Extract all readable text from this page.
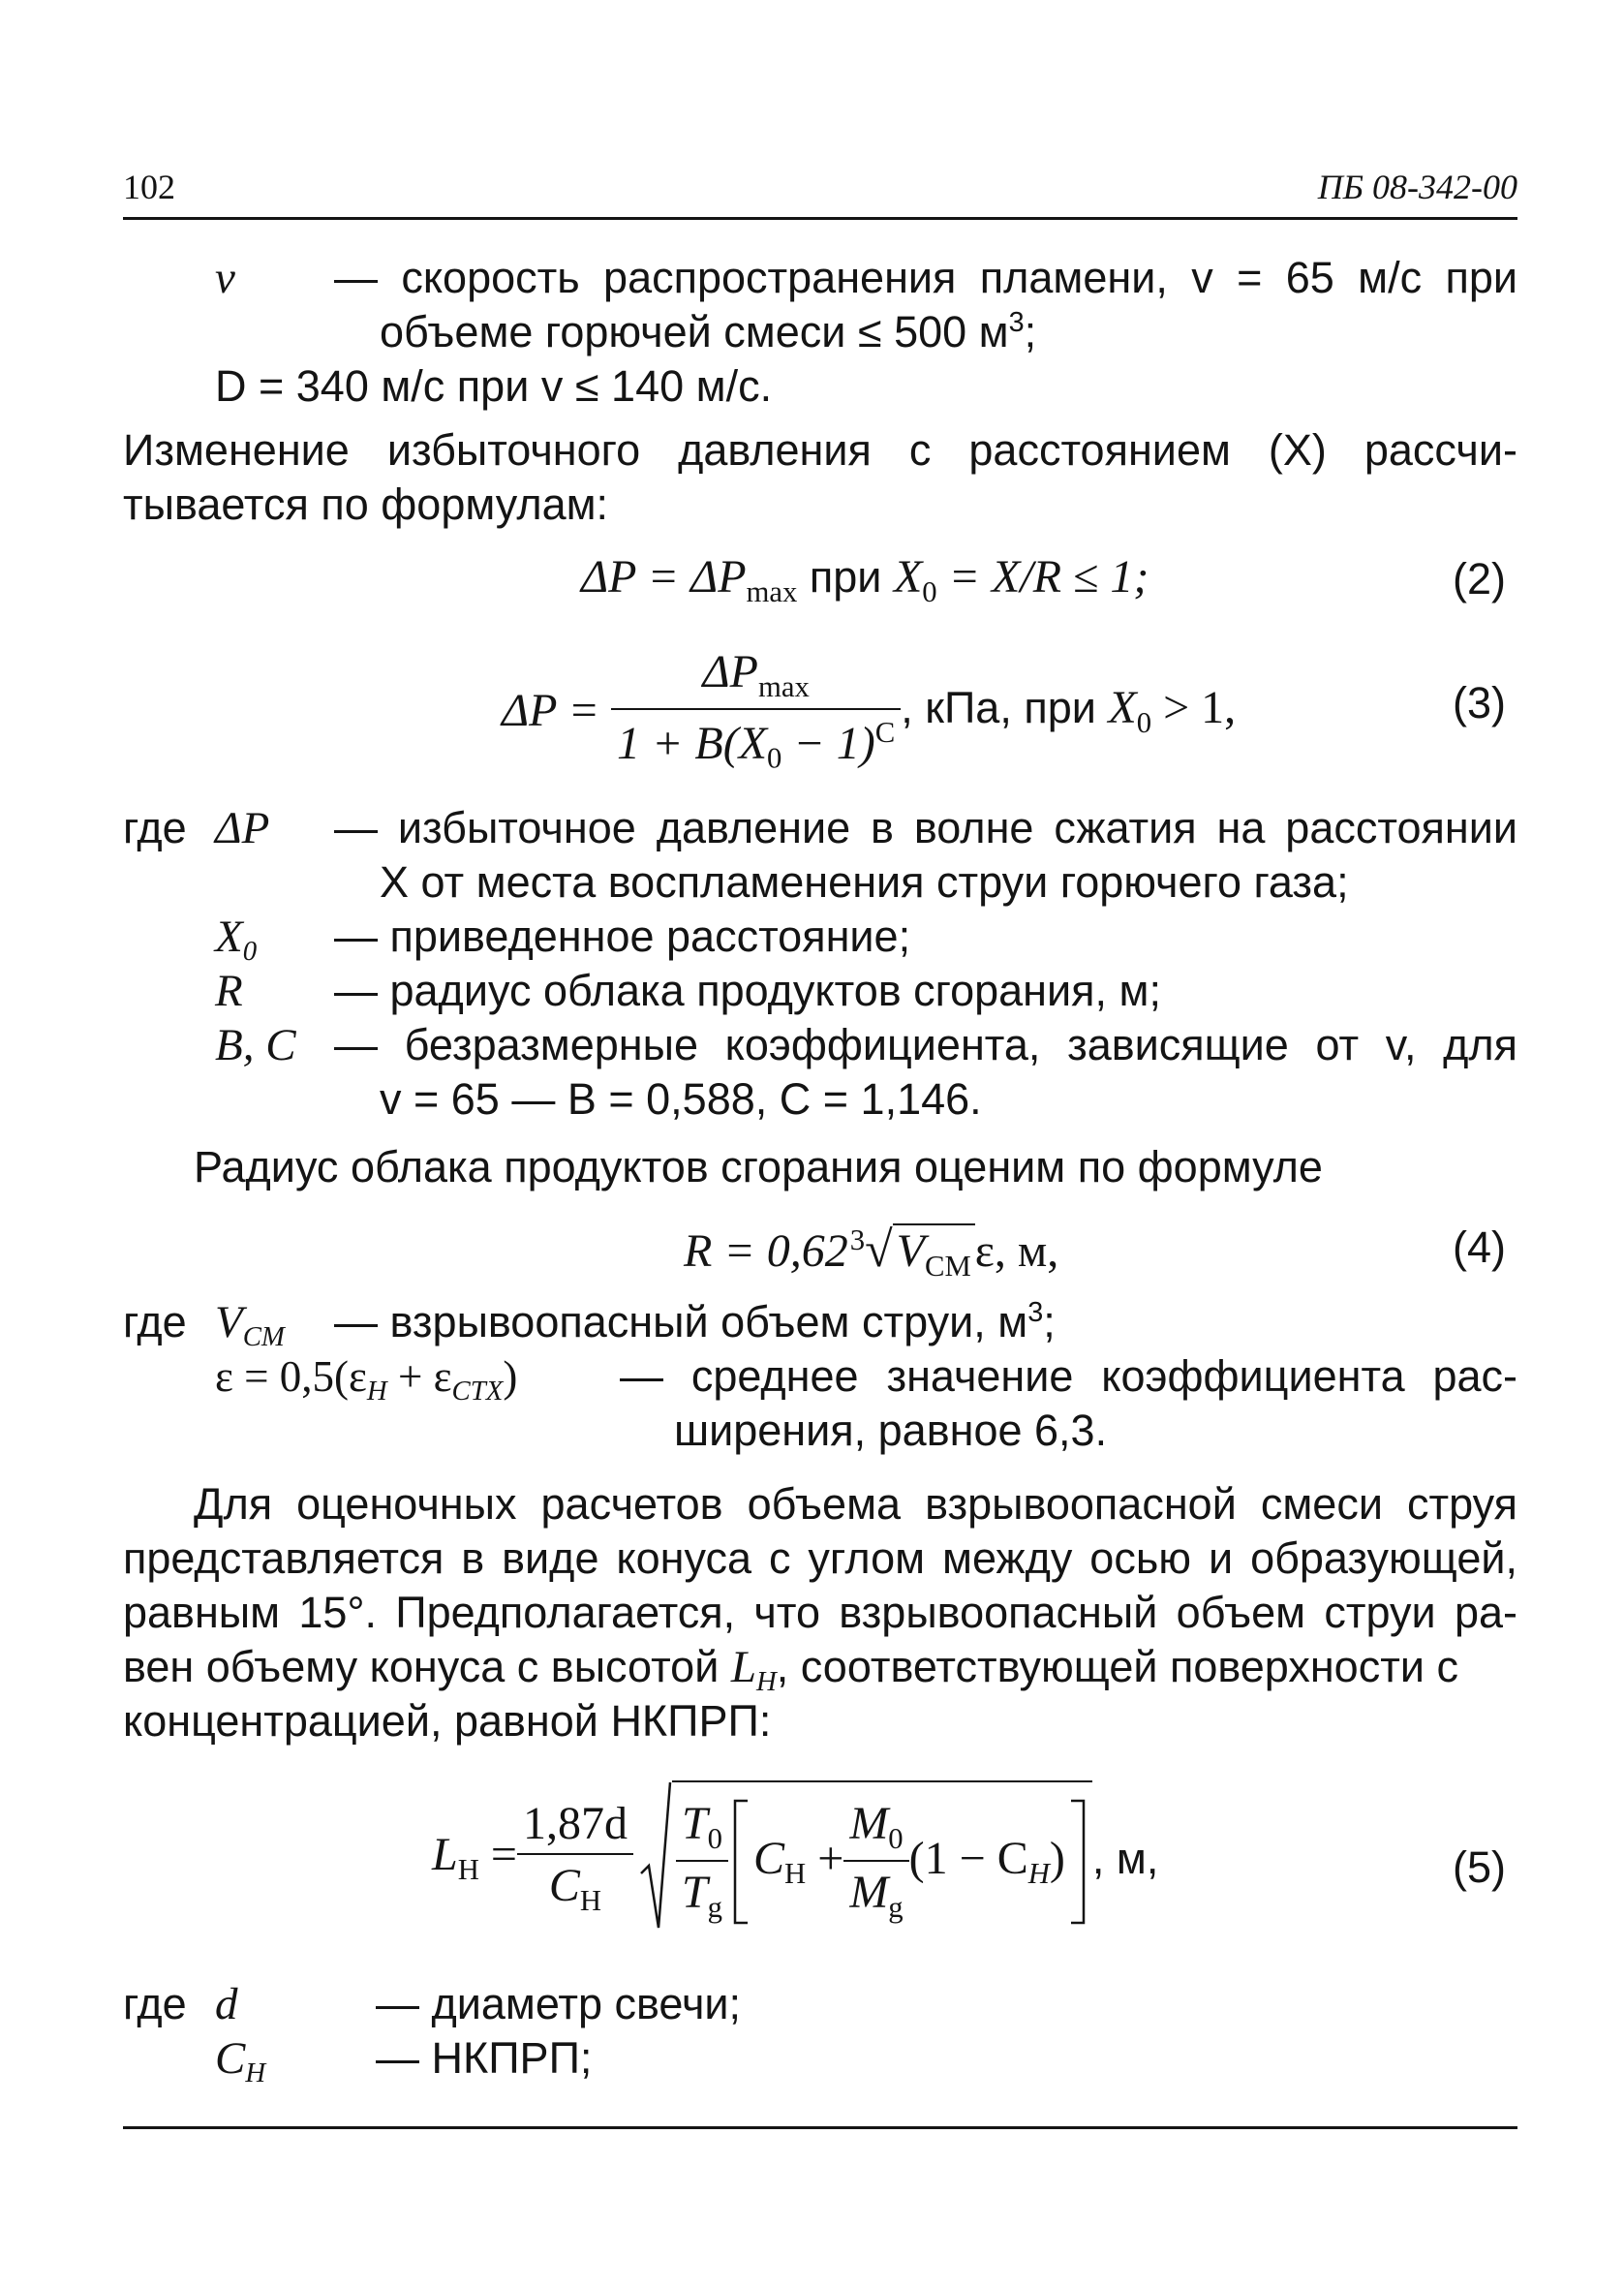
102	ПБ 08-342-00
v — скорость распространения пламени, v = 65 м/с при
объеме горючей смеси ≤ 500 $м^3$;
D = 340 м/с при v ≤ 140 м/с.
Изменение избыточного давления с расстоянием (X) рассчи-
тывается по формулам:
$\Delta P = \Delta P_{max}$ при $X_0 = X/R \le 1$;	(2)
$\Delta P = \frac{\Delta P_{max}}{1 + B(X_0 - 1)^C}$ , кПа, при $X_0 > 1$,	(3)
где ΔP — избыточное давление в волне сжатия на расстоянии
X от места воспламенения струи горючего газа;
$X_0$ — приведенное расстояние;
R — радиус облака продуктов сгорания, м;
B, C — безразмерные коэффициента, зависящие от v, для
v = 65 — B = 0,588, C = 1,146.
Радиус облака продуктов сгорания оценим по формуле
$R = 0,62^3√V_{CM}\varepsilon$, м,	(4)
где $V_{CM}$ — взрывоопасный объем струи, $м^3$;
$\varepsilon = 0,5(\varepsilon_H + \varepsilon_{CTX})$ — среднее значение коэффициента рас-
ширения, равное 6,3.
Для оценочных расчетов объема взрывоопасной смеси струя
представляется в виде конуса с углом между осью и образующей,
равным 15°. Предполагается, что взрывоопасный объем струи ра-
вен объему конуса с высотой $L_H$, соответствующей поверхности с
концентрацией, равной НКПРП:
$L_H = \frac{1,87d}{C_H} \frac{T_0}{T_g} C_H + \frac{M_0}{M_g} (1 - C_H)$ , м,	(5)
где d	— диаметр свечи;
$C_H$	— НКПРП;
